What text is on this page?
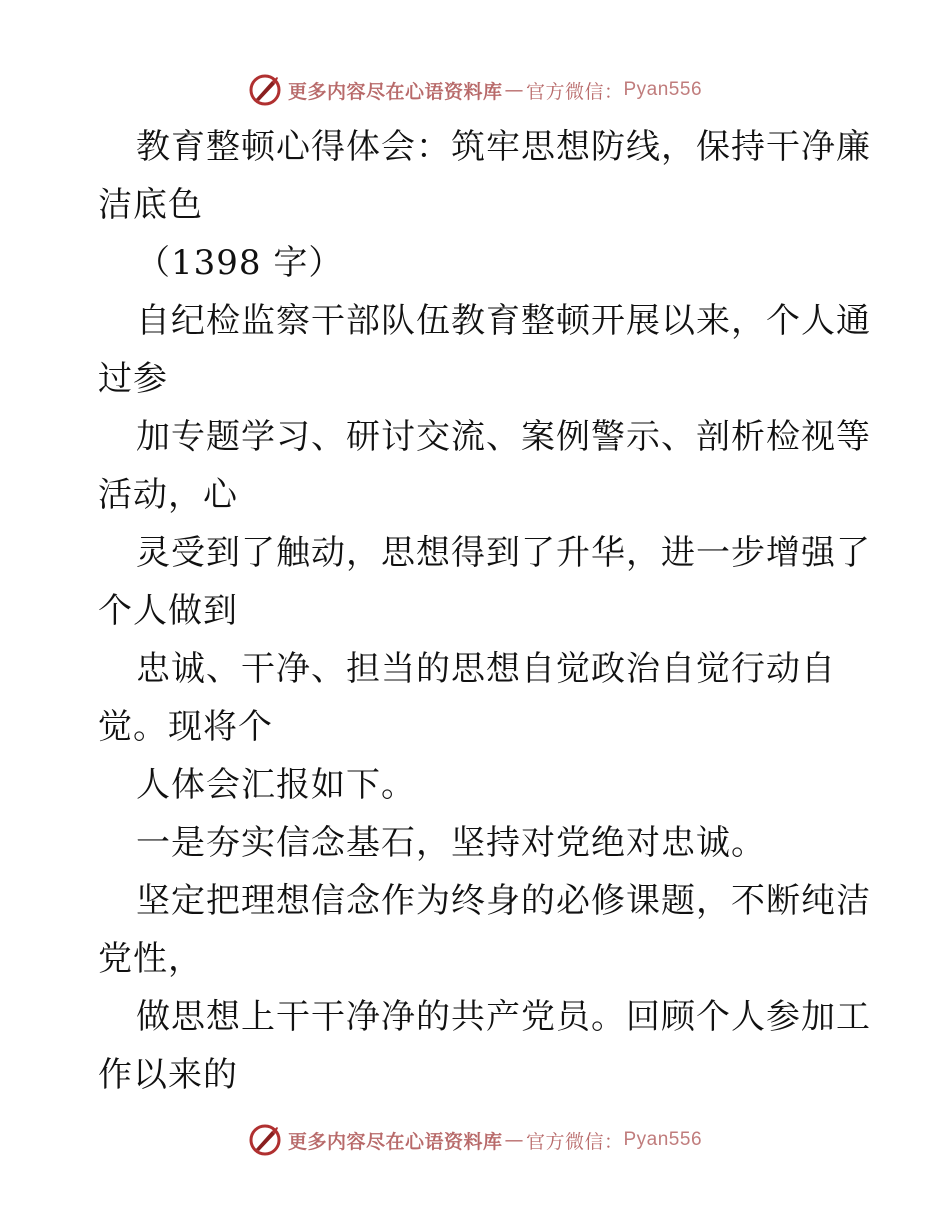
更多内容尽在心语资料库 — 官方微信： Pyan556
教育整顿心得体会：筑牢思想防线，保持干净廉
洁底色
（1398 字）
自纪检监察干部队伍教育整顿开展以来，个人通
过参
加专题学习、研讨交流、案例警示、剖析检视等
活动，心
灵受到了触动，思想得到了升华，进一步增强了
个人做到
忠诚、干净、担当的思想自觉政治自觉行动自
觉。现将个
人体会汇报如下。
一是夯实信念基石，坚持对党绝对忠诚。
坚定把理想信念作为终身的必修课题，不断纯洁
党性，
做思想上干干净净的共产党员。回顾个人参加工
作以来的
更多内容尽在心语资料库 — 官方微信： Pyan556
